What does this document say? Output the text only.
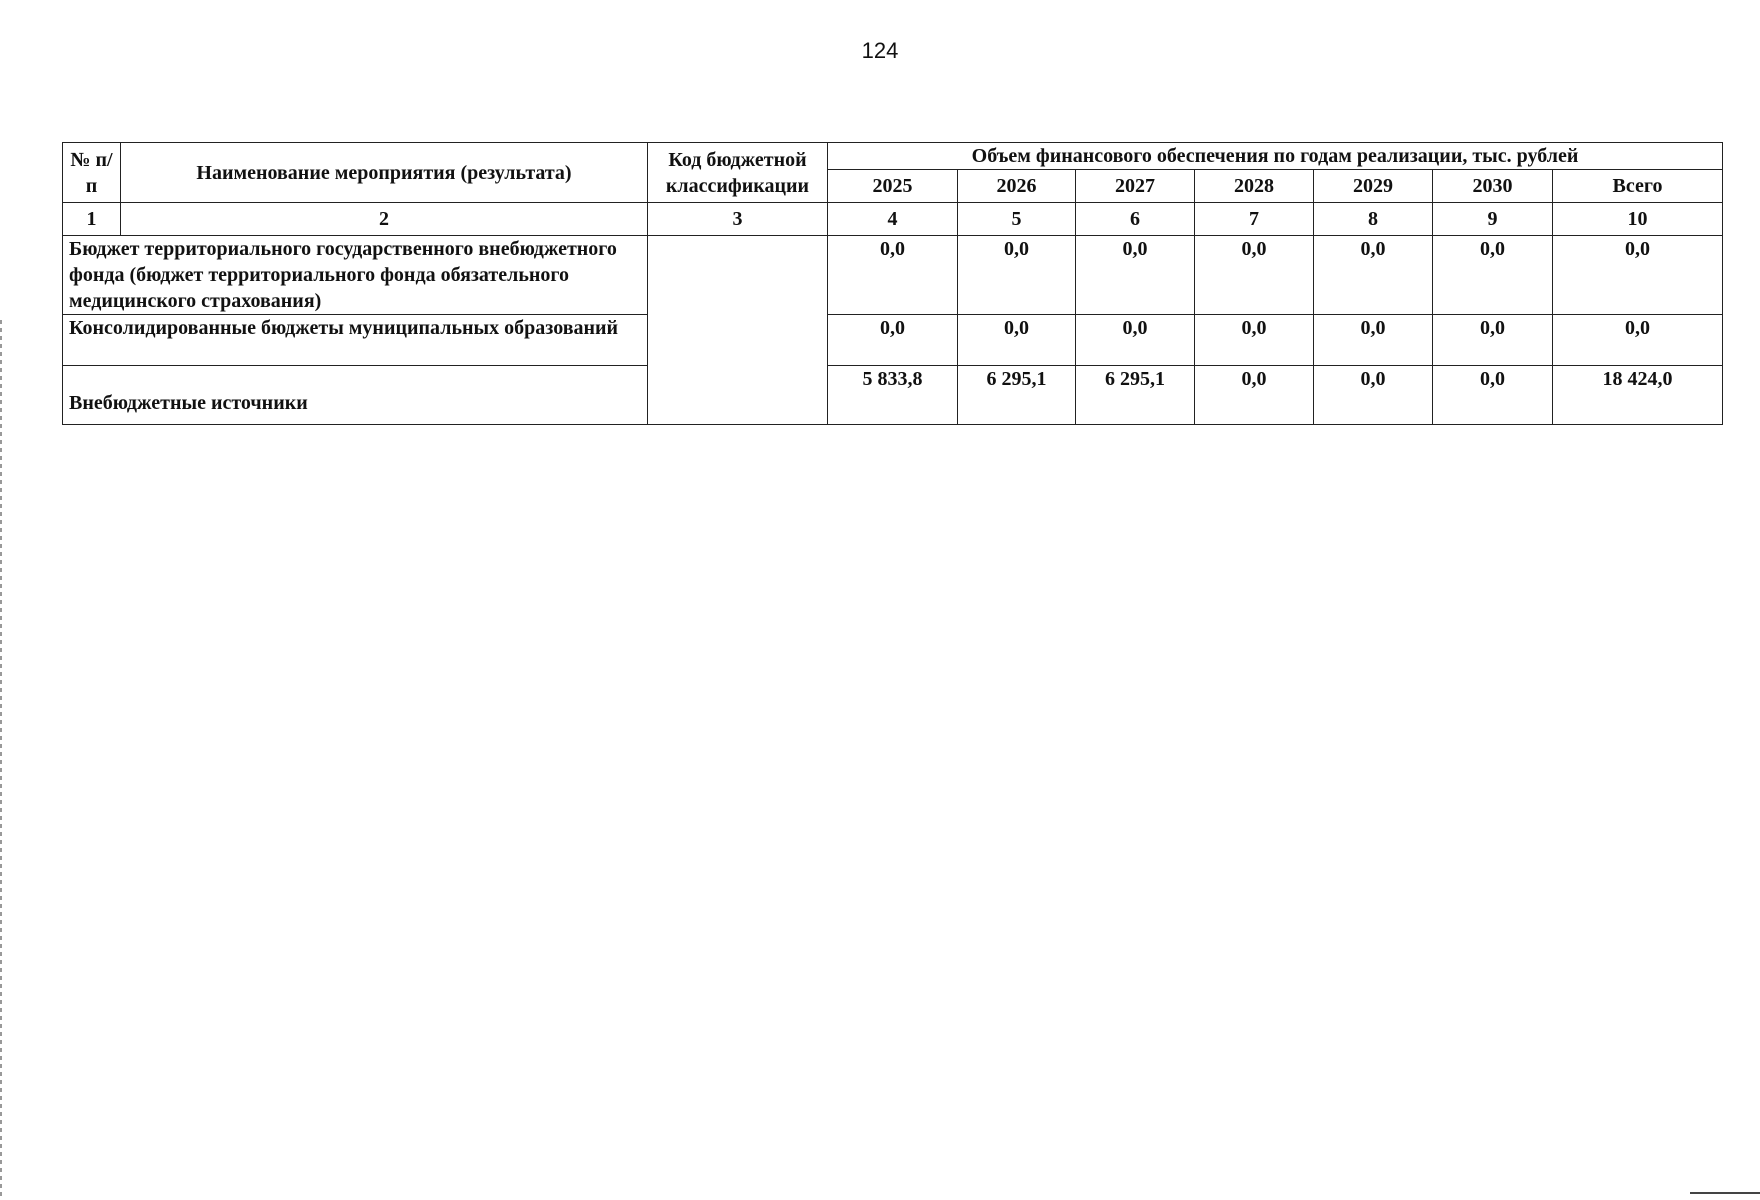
124
№ п/п	Наименование мероприятия (результата)	Код бюджетной классификации	Объем финансового обеспечения по годам реализации, тыс. рублей						
			2025	2026	2027	2028	2029	2030	Всего
1	2	3	4	5	6	7	8	9	10
Бюджет территориального государственного внебюджетного фонда (бюджет территориального фонда обязательного медицинского страхования)			0,0	0,0	0,0	0,0	0,0	0,0	0,0
Консолидированные бюджеты муниципальных образований			0,0	0,0	0,0	0,0	0,0	0,0	0,0
Внебюджетные источники			5 833,8	6 295,1	6 295,1	0,0	0,0	0,0	18 424,0
